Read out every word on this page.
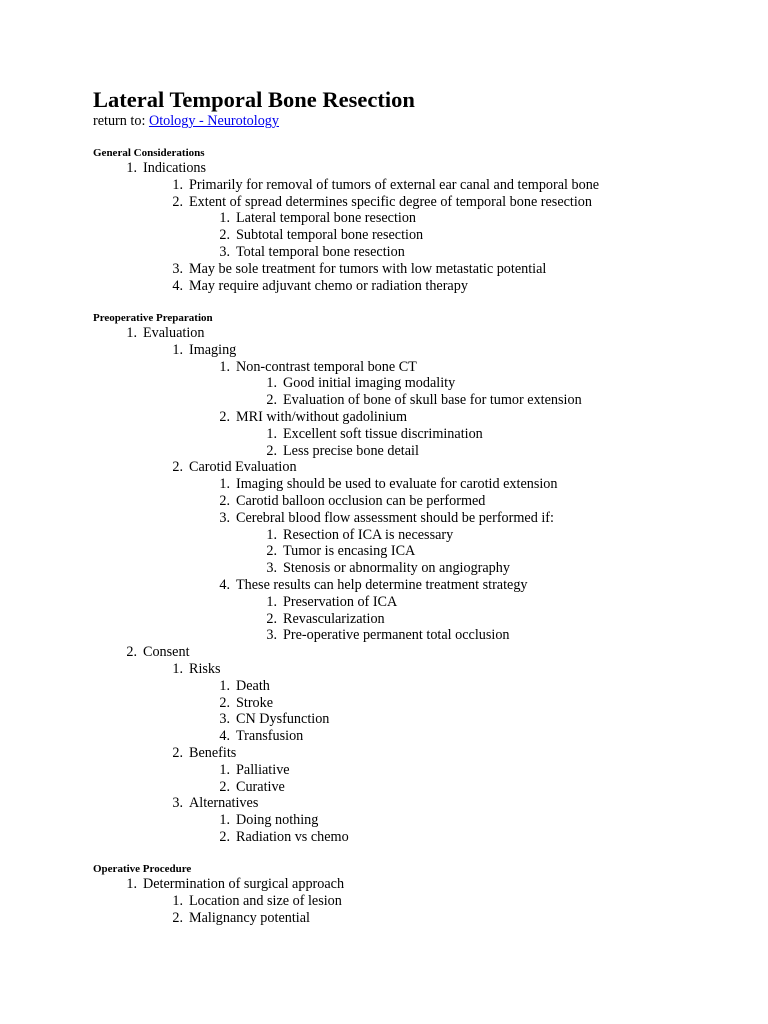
Lateral Temporal Bone Resection
return to: Otology - Neurotology
General Considerations
1. Indications
1. Primarily for removal of tumors of external ear canal and temporal bone
2. Extent of spread determines specific degree of temporal bone resection
1. Lateral temporal bone resection
2. Subtotal temporal bone resection
3. Total temporal bone resection
3. May be sole treatment for tumors with low metastatic potential
4. May require adjuvant chemo or radiation therapy
Preoperative Preparation
1. Evaluation
1. Imaging
1. Non-contrast temporal bone CT
1. Good initial imaging modality
2. Evaluation of bone of skull base for tumor extension
2. MRI with/without gadolinium
1. Excellent soft tissue discrimination
2. Less precise bone detail
2. Carotid Evaluation
1. Imaging should be used to evaluate for carotid extension
2. Carotid balloon occlusion can be performed
3. Cerebral blood flow assessment should be performed if:
1. Resection of ICA is necessary
2. Tumor is encasing ICA
3. Stenosis or abnormality on angiography
4. These results can help determine treatment strategy
1. Preservation of ICA
2. Revascularization
3. Pre-operative permanent total occlusion
2. Consent
1. Risks
1. Death
2. Stroke
3. CN Dysfunction
4. Transfusion
2. Benefits
1. Palliative
2. Curative
3. Alternatives
1. Doing nothing
2. Radiation vs chemo
Operative Procedure
1. Determination of surgical approach
1. Location and size of lesion
2. Malignancy potential
